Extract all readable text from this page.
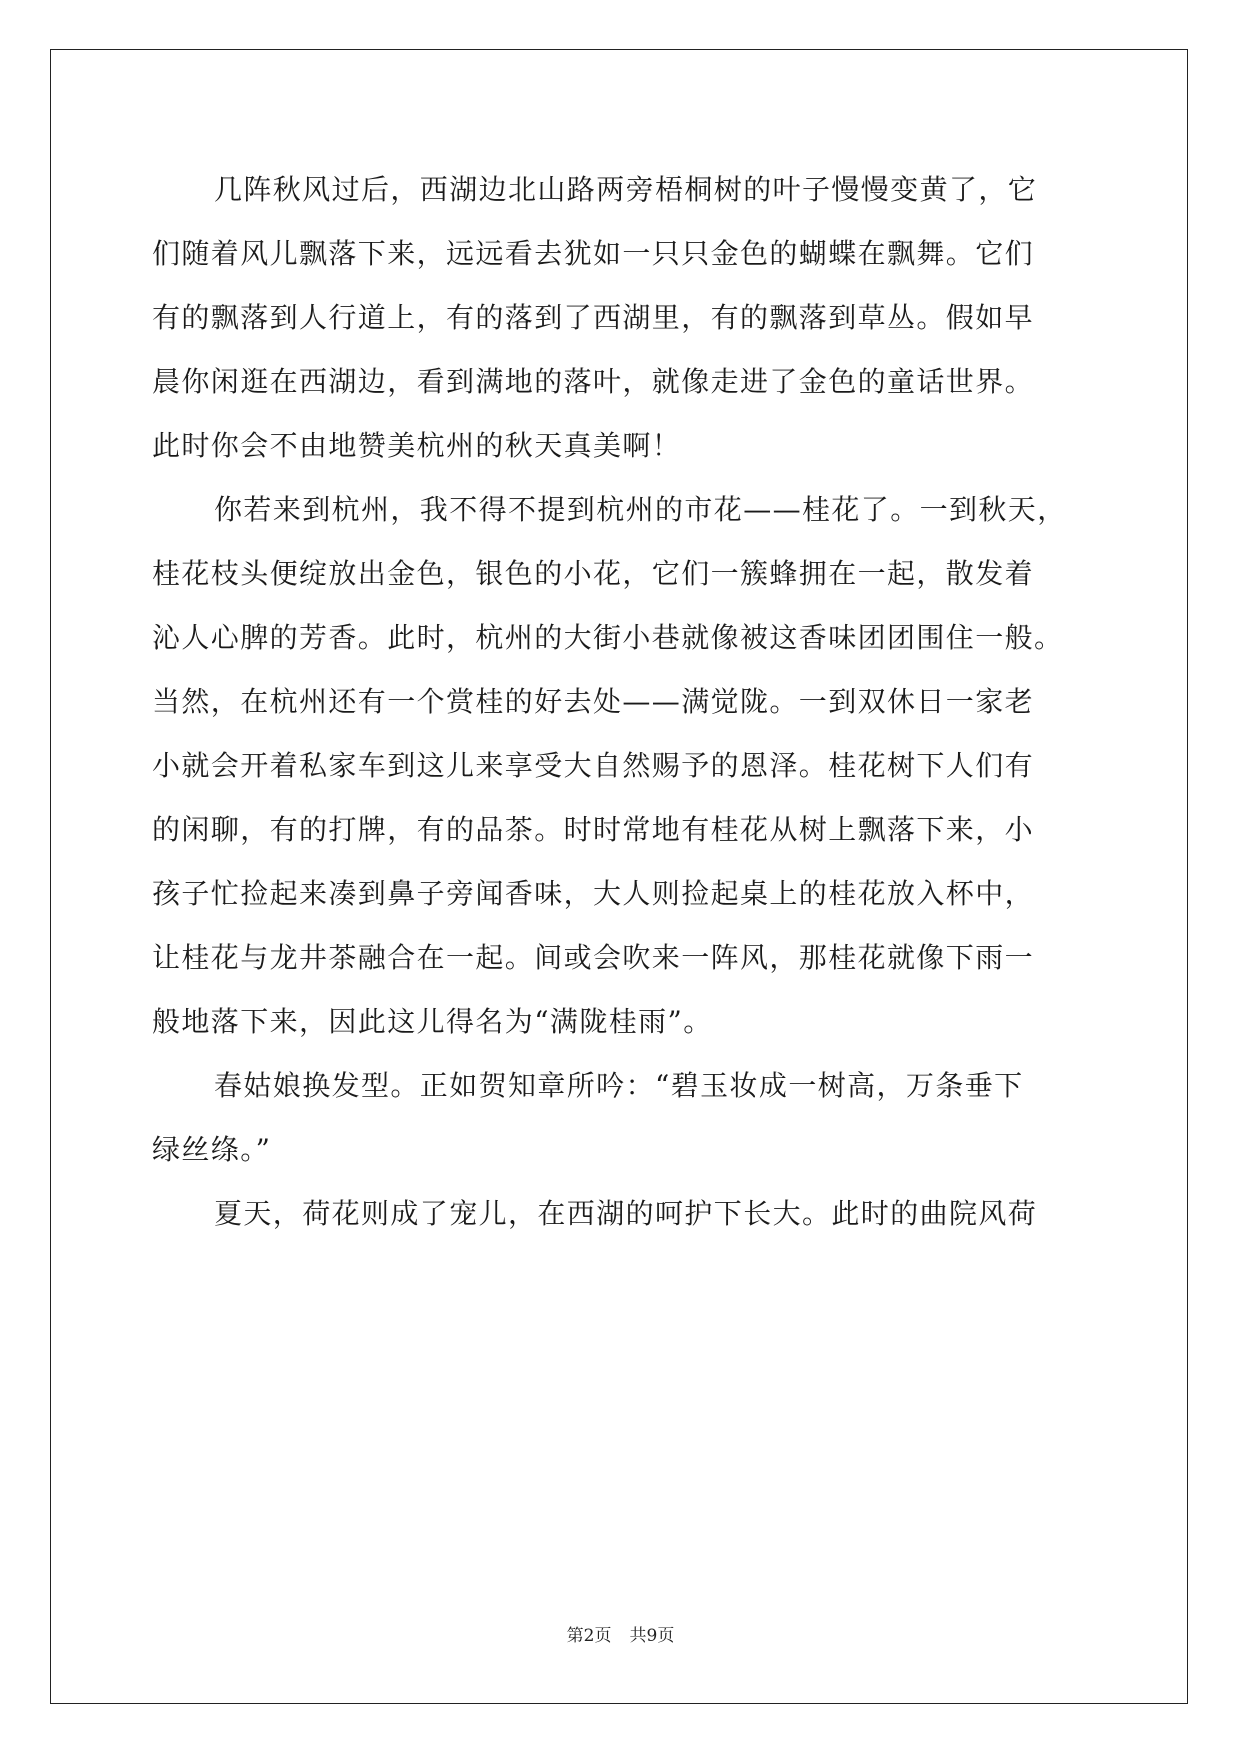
几阵秋风过后，西湖边北山路两旁梧桐树的叶子慢慢变黄了，它
们随着风儿飘落下来，远远看去犹如一只只金色的蝴蝶在飘舞。它们
有的飘落到人行道上，有的落到了西湖里，有的飘落到草丛。假如早
晨你闲逛在西湖边，看到满地的落叶，就像走进了金色的童话世界。
此时你会不由地赞美杭州的秋天真美啊！
你若来到杭州，我不得不提到杭州的市花——桂花了。一到秋天，
桂花枝头便绽放出金色，银色的小花，它们一簇蜂拥在一起，散发着
沁人心脾的芳香。此时，杭州的大街小巷就像被这香味团团围住一般。
当然，在杭州还有一个赏桂的好去处——满觉陇。一到双休日一家老
小就会开着私家车到这儿来享受大自然赐予的恩泽。桂花树下人们有
的闲聊，有的打牌，有的品茶。时时常地有桂花从树上飘落下来，小
孩子忙捡起来凑到鼻子旁闻香味，大人则捡起桌上的桂花放入杯中，
让桂花与龙井茶融合在一起。间或会吹来一阵风，那桂花就像下雨一
般地落下来，因此这儿得名为“满陇桂雨”。
春姑娘换发型。正如贺知章所吟：“碧玉妆成一树高，万条垂下
绿丝绦。”
夏天，荷花则成了宠儿，在西湖的呵护下长大。此时的曲院风荷
第2页 共9页
